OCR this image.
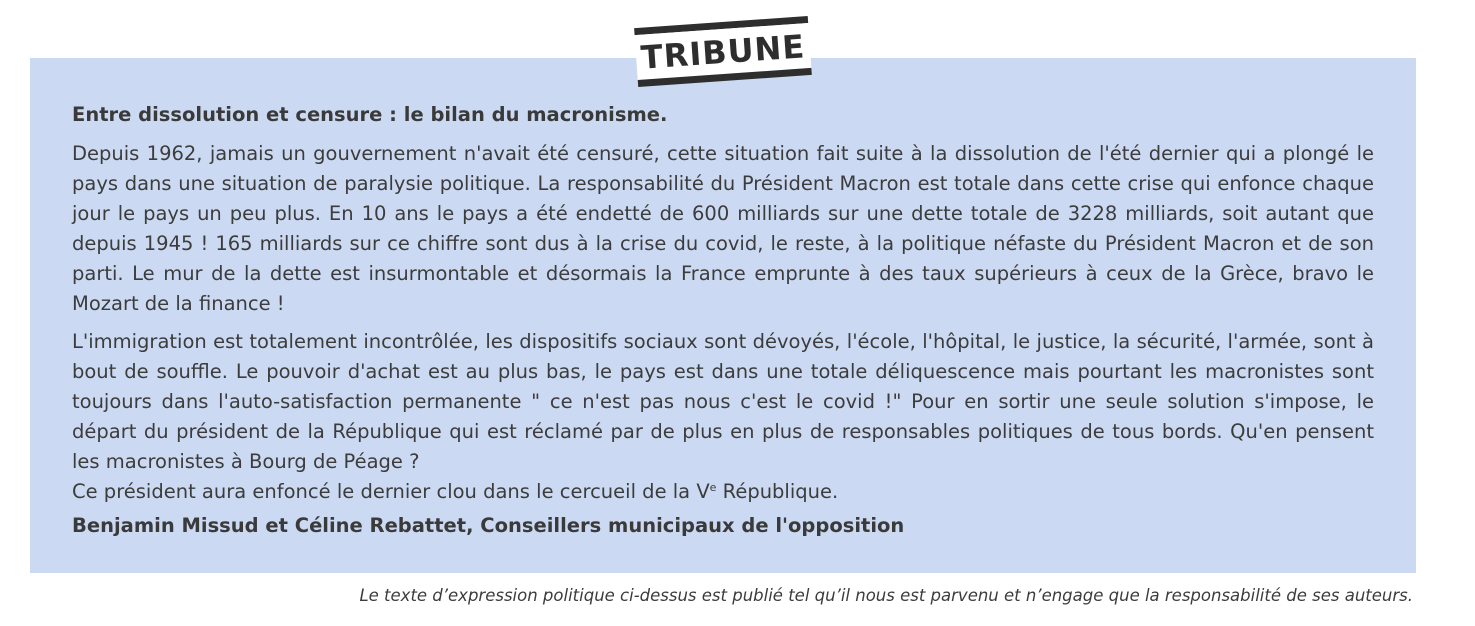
TRIBUNE
Entre dissolution et censure : le bilan du macronisme.
Depuis 1962, jamais un gouvernement n'avait été censuré, cette situation fait suite à la dissolution de l'été dernier qui a plongé le pays dans une situation de paralysie politique. La responsabilité du Président Macron est totale dans cette crise qui enfonce chaque jour le pays un peu plus. En 10 ans le pays a été endetté de 600 milliards sur une dette totale de 3228 milliards, soit autant que depuis 1945 ! 165 milliards sur ce chiffre sont dus à la crise du covid, le reste, à la politique néfaste du Président Macron et de son parti. Le mur de la dette est insurmontable et désormais la France emprunte à des taux supérieurs à ceux de la Grèce, bravo le Mozart de la finance !
L'immigration est totalement incontrôlée, les dispositifs sociaux sont dévoyés, l'école, l'hôpital, le justice, la sécurité, l'armée, sont à bout de souffle. Le pouvoir d'achat est au plus bas, le pays est dans une totale déliquescence mais pourtant les macronistes sont toujours dans l'auto-satisfaction permanente " ce n'est pas nous c'est le covid !" Pour en sortir une seule solution s'impose, le départ du président de la République qui est réclamé par de plus en plus de responsables politiques de tous bords. Qu'en pensent les macronistes à Bourg de Péage ?
Ce président aura enfoncé le dernier clou dans le cercueil de la Ve République.
Benjamin Missud et Céline Rebattet, Conseillers municipaux de l'opposition
Le texte d’expression politique ci-dessus est publié tel qu’il nous est parvenu et n’engage que la responsabilité de ses auteurs.
